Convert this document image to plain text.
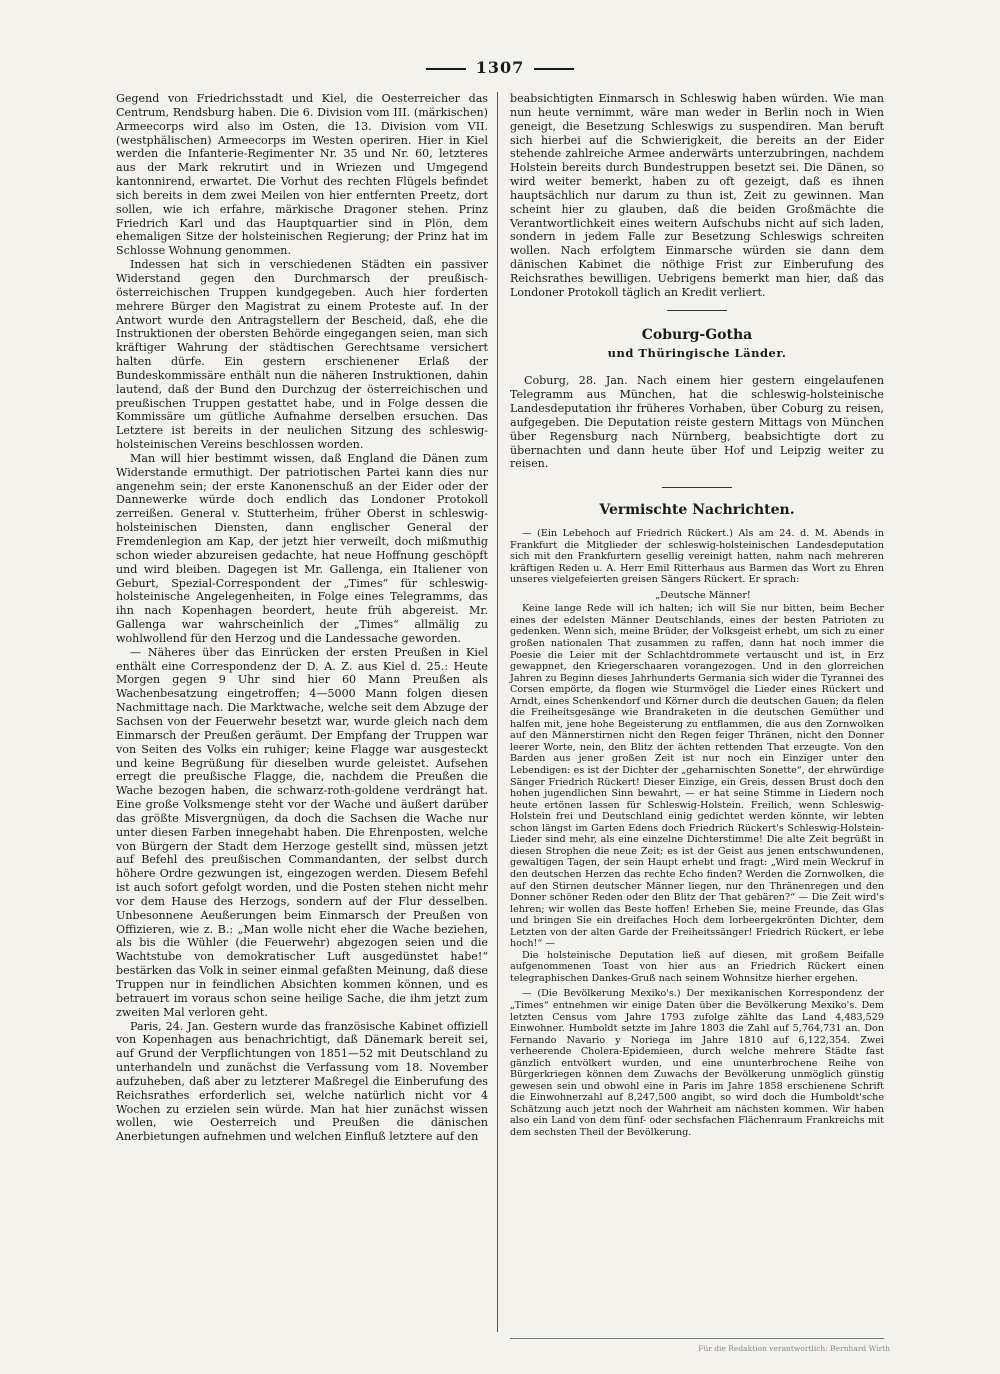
1307

Gegend von Friedrichsstadt und Kiel, die Oesterreicher das Centrum, Rendsburg haben. Die 6. Division vom III. (märkischen) Armeecorps wird also im Osten, die 13. Division vom VII. (westphälischen) Armeecorps im Westen operiren. Hier in Kiel werden die Infanterie-Regimenter Nr. 35 und Nr. 60, letzteres aus der Mark rekrutirt und in Wriezen und Umgegend kantonnirend, erwartet. Die Vorhut des rechten Flügels befindet sich bereits in dem zwei Meilen von hier entfernten Preetz, dort sollen, wie ich erfahre, märkische Dragoner stehen. Prinz Friedrich Karl und das Hauptquartier sind in Plön, dem ehemaligen Sitze der holsteinischen Regierung; der Prinz hat im Schlosse Wohnung genommen.

Indessen hat sich in verschiedenen Städten ein passiver Widerstand gegen den Durchmarsch der preußisch-österreichischen Truppen kundgegeben. Auch hier forderten mehrere Bürger den Magistrat zu einem Proteste auf. In der Antwort wurde den Antragstellern der Bescheid, daß, ehe die Instruktionen der obersten Behörde eingegangen seien, man sich kräftiger Wahrung der städtischen Gerechtsame versichert halten dürfe. Ein gestern erschienener Erlaß der Bundeskommissäre enthält nun die näheren Instruktionen, dahin lautend, daß der Bund den Durchzug der österreichischen und preußischen Truppen gestattet habe, und in Folge dessen die Kommissäre um gütliche Aufnahme derselben ersuchen. Das Letztere ist bereits in der neulichen Sitzung des schleswig-holsteinischen Vereins beschlossen worden.

Man will hier bestimmt wissen, daß England die Dänen zum Widerstande ermuthigt. Der patriotischen Partei kann dies nur angenehm sein; der erste Kanonenschuß an der Eider oder der Dannewerke würde doch endlich das Londoner Protokoll zerreißen. General v. Stutterheim, früher Oberst in schleswig-holsteinischen Diensten, dann englischer General der Fremdenlegion am Kap, der jetzt hier verweilt, doch mißmuthig schon wieder abzureisen gedachte, hat neue Hoffnung geschöpft und wird bleiben. Dagegen ist Mr. Gallenga, ein Italiener von Geburt, Spezial-Correspondent der „Times“ für schleswig-holsteinische Angelegenheiten, in Folge eines Telegramms, das ihn nach Kopenhagen beordert, heute früh abgereist. Mr. Gallenga war wahrscheinlich der „Times“ allmälig zu wohlwollend für den Herzog und die Landessache geworden.

— Näheres über das Einrücken der ersten Preußen in Kiel enthält eine Correspondenz der D. A. Z. aus Kiel d. 25.: Heute Morgen gegen 9 Uhr sind hier 60 Mann Preußen als Wachenbesatzung eingetroffen; 4—5000 Mann folgen diesen Nachmittage nach. Die Marktwache, welche seit dem Abzuge der Sachsen von der Feuerwehr besetzt war, wurde gleich nach dem Einmarsch der Preußen geräumt. Der Empfang der Truppen war von Seiten des Volks ein ruhiger; keine Flagge war ausgesteckt und keine Begrüßung für dieselben wurde geleistet. Aufsehen erregt die preußische Flagge, die, nachdem die Preußen die Wache bezogen haben, die schwarz-roth-goldene verdrängt hat. Eine große Volksmenge steht vor der Wache und äußert darüber das größte Misvergnügen, da doch die Sachsen die Wache nur unter diesen Farben innegehabt haben. Die Ehrenposten, welche von Bürgern der Stadt dem Herzoge gestellt sind, müssen jetzt auf Befehl des preußischen Commandanten, der selbst durch höhere Ordre gezwungen ist, eingezogen werden. Diesem Befehl ist auch sofort gefolgt worden, und die Posten stehen nicht mehr vor dem Hause des Herzogs, sondern auf der Flur desselben. Unbesonnene Aeußerungen beim Einmarsch der Preußen von Offizieren, wie z. B.: „Man wolle nicht eher die Wache beziehen, als bis die Wühler (die Feuerwehr) abgezogen seien und die Wachtstube von demokratischer Luft ausgedünstet habe!“ bestärken das Volk in seiner einmal gefaßten Meinung, daß diese Truppen nur in feindlichen Absichten kommen können, und es betrauert im voraus schon seine heilige Sache, die ihm jetzt zum zweiten Mal verloren geht.

Paris, 24. Jan. Gestern wurde das französische Kabinet offiziell von Kopenhagen aus benachrichtigt, daß Dänemark bereit sei, auf Grund der Verpflichtungen von 1851—52 mit Deutschland zu unterhandeln und zunächst die Verfassung vom 18. November aufzuheben, daß aber zu letzterer Maßregel die Einberufung des Reichsrathes erforderlich sei, welche natürlich nicht vor 4 Wochen zu erzielen sein würde. Man hat hier zunächst wissen wollen, wie Oesterreich und Preußen die dänischen Anerbietungen aufnehmen und welchen Einfluß letztere auf den

beabsichtigten Einmarsch in Schleswig haben würden. Wie man nun heute vernimmt, wäre man weder in Berlin noch in Wien geneigt, die Besetzung Schleswigs zu suspendiren. Man beruft sich hierbei auf die Schwierigkeit, die bereits an der Eider stehende zahlreiche Armee anderwärts unterzubringen, nachdem Holstein bereits durch Bundestruppen besetzt sei. Die Dänen, so wird weiter bemerkt, haben zu oft gezeigt, daß es ihnen hauptsächlich nur darum zu thun ist, Zeit zu gewinnen. Man scheint hier zu glauben, daß die beiden Großmächte die Verantwortlichkeit eines weitern Aufschubs nicht auf sich laden, sondern in jedem Falle zur Besetzung Schleswigs schreiten wollen. Nach erfolgtem Einmarsche würden sie dann dem dänischen Kabinet die nöthige Frist zur Einberufung des Reichsrathes bewilligen. Uebrigens bemerkt man hier, daß das Londoner Protokoll täglich an Kredit verliert.

Coburg-Gotha
und Thüringische Länder.

Coburg, 28. Jan. Nach einem hier gestern eingelaufenen Telegramm aus München, hat die schleswig-holsteinische Landesdeputation ihr früheres Vorhaben, über Coburg zu reisen, aufgegeben. Die Deputation reiste gestern Mittags von München über Regensburg nach Nürnberg, beabsichtigte dort zu übernachten und dann heute über Hof und Leipzig weiter zu reisen.

Vermischte Nachrichten.

— (Ein Lebehoch auf Friedrich Rückert.) Als am 24. d. M. Abends in Frankfurt die Mitglieder der schleswig-holsteinischen Landesdeputation sich mit den Frankfurtern gesellig vereinigt hatten, nahm nach mehreren kräftigen Reden u. A. Herr Emil Ritterhaus aus Barmen das Wort zu Ehren unseres vielgefeierten greisen Sängers Rückert. Er sprach:

„Deutsche Männer!

Keine lange Rede will ich halten; ich will Sie nur bitten, beim Becher eines der edelsten Männer Deutschlands, eines der besten Patrioten zu gedenken. Wenn sich, meine Brüder, der Volksgeist erhebt, um sich zu einer großen nationalen That zusammen zu raffen, dann hat noch immer die Poesie die Leier mit der Schlachtdrommete vertauscht und ist, in Erz gewappnet, den Kriegerschaaren vorangezogen. Und in den glorreichen Jahren zu Beginn dieses Jahrhunderts Germania sich wider die Tyrannei des Corsen empörte, da flogen wie Sturmvögel die Lieder eines Rückert und Arndt, eines Schenkendorf und Körner durch die deutschen Gauen; da flelen die Freiheitsgesänge wie Brandraketen in die deutschen Gemüther und halfen mit, jene hohe Begeisterung zu entflammen, die aus den Zornwolken auf den Männerstirnen nicht den Regen feiger Thränen, nicht den Donner leerer Worte, nein, den Blitz der ächten rettenden That erzeugte. Von den Barden aus jener großen Zeit ist nur noch ein Einziger unter den Lebendigen: es ist der Dichter der „geharnischten Sonette“, der ehrwürdige Sänger Friedrich Rückert! Dieser Einzige, ein Greis, dessen Brust doch den hohen jugendlichen Sinn bewahrt, — er hat seine Stimme in Liedern noch heute ertönen lassen für Schleswig-Holstein. Freilich, wenn Schleswig-Holstein frei und Deutschland einig gedichtet werden könnte, wir lebten schon längst im Garten Edens doch Friedrich Rückert's Schleswig-Holstein-Lieder sind mehr, als eine einzelne Dichterstimme! Die alte Zeit begrüßt in diesen Strophen die neue Zeit; es ist der Geist aus jenen entschwundenen, gewaltigen Tagen, der sein Haupt erhebt und fragt: „Wird mein Weckruf in den deutschen Herzen das rechte Echo finden? Werden die Zornwolken, die auf den Stirnen deutscher Männer liegen, nur den Thränenregen und den Donner schöner Reden oder den Blitz der That gebären?“ — Die Zeit wird's lehren; wir wollen das Beste hoffen! Erheben Sie, meine Freunde, das Glas und bringen Sie ein dreifaches Hoch dem lorbeergekrönten Dichter, dem Letzten von der alten Garde der Freiheitssänger! Friedrich Rückert, er lebe hoch!“ —

Die holsteinische Deputation ließ auf diesen, mit großem Beifalle aufgenommenen Toast von hier aus an Friedrich Rückert einen telegraphischen Dankes-Gruß nach seinem Wohnsitze hierher ergehen.

— (Die Bevölkerung Mexiko's.) Der mexikanischen Korrespondenz der „Times“ entnehmen wir einige Daten über die Bevölkerung Mexiko's. Dem letzten Census vom Jahre 1793 zufolge zählte das Land 4,483,529 Einwohner. Humboldt setzte im Jahre 1803 die Zahl auf 5,764,731 an. Don Fernando Navario y Noriega im Jahre 1810 auf 6,122,354. Zwei verheerende Cholera-Epidemieen, durch welche mehrere Städte fast gänzlich entvölkert wurden, und eine ununterbrochene Reihe von Bürgerkriegen können dem Zuwachs der Bevölkerung unmöglich günstig gewesen sein und obwohl eine in Paris im Jahre 1858 erschienene Schrift die Einwohnerzahl auf 8,247,500 angibt, so wird doch die Humboldt'sche Schätzung auch jetzt noch der Wahrheit am nächsten kommen. Wir haben also ein Land von dem fünf- oder sechsfachen Flächenraum Frankreichs mit dem sechsten Theil der Bevölkerung.

Für die Redaktion verantwortlich: Bernhard Wirth
